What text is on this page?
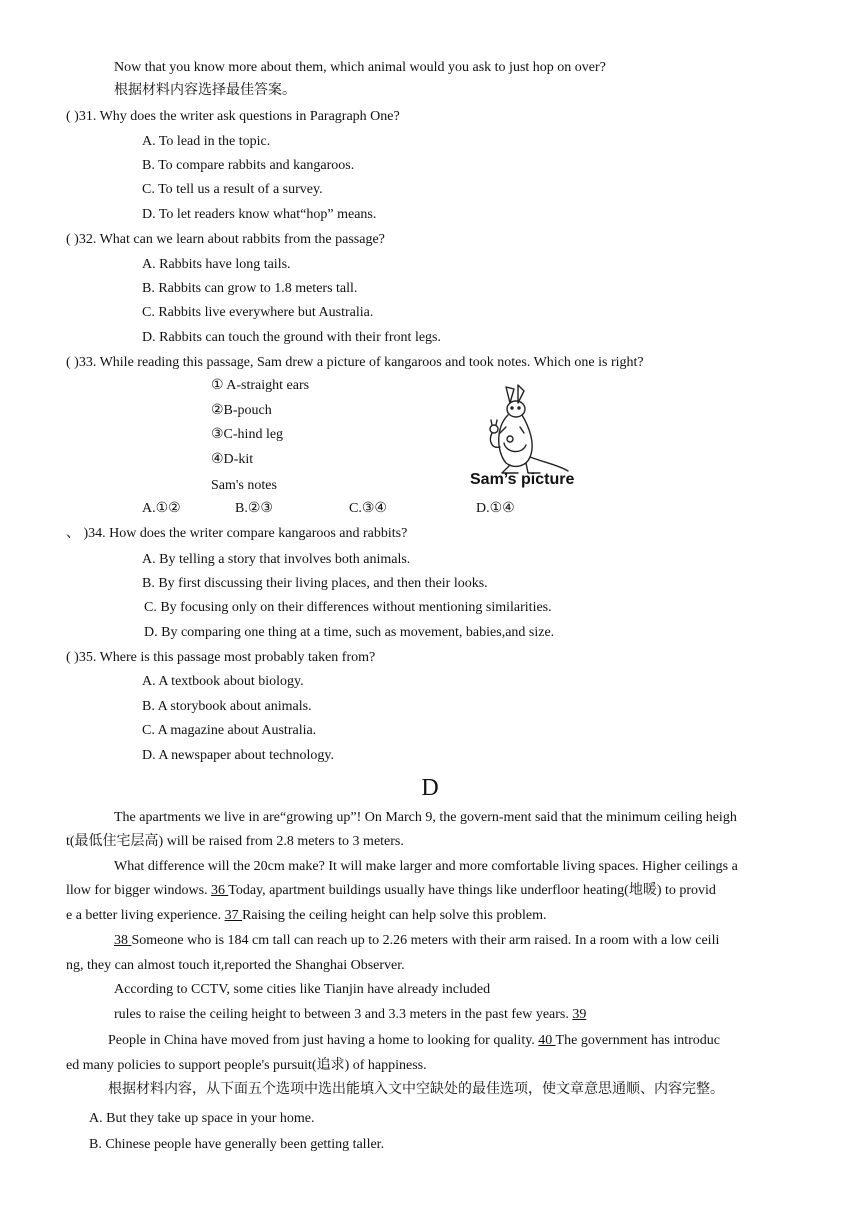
Now that you know more about them, which animal would you ask to just hop on over?
根据材料内容选择最佳答案。
( )31. Why does the writer ask questions in Paragraph One?
A. To lead in the topic.
B. To compare rabbits and kangaroos.
C. To tell us a result of a survey.
D. To let readers know what“hop” means.
( )32. What can we learn about rabbits from the passage?
A. Rabbits have long tails.
B. Rabbits can grow to 1.8 meters tall.
C. Rabbits live everywhere but Australia.
D. Rabbits can touch the ground with their front legs.
( )33. While reading this passage, Sam drew a picture of kangaroos and took notes. Which one is right?
① A-straight ears
②B-pouch
③C-hind leg
④D-kit
Sam's notes	Sam’s picture
A.①②	B.②③	C.③④	D.①④
、 )34. How does the writer compare kangaroos and rabbits?
A. By telling a story that involves both animals.
B. By first discussing their living places, and then their looks.
C. By focusing only on their differences without mentioning similarities.
D. By comparing one thing at a time, such as movement, babies,and size.
( )35. Where is this passage most probably taken from?
A. A textbook about biology.
B. A storybook about animals.
C. A magazine about Australia.
D. A newspaper about technology.
D
The apartments we live in are“growing up”! On March 9, the govern-ment said that the minimum ceiling heigh
t(最低住宅层高) will be raised from 2.8 meters to 3 meters.
What difference will the 20cm make? It will make larger and more comfortable living spaces. Higher ceilings a
llow for bigger windows. 36 Today, apartment buildings usually have things like underfloor heating(地暖) to provid
e a better living experience. 37 Raising the ceiling height can help solve this problem.
38 Someone who is 184 cm tall can reach up to 2.26 meters with their arm raised. In a room with a low ceili
ng, they can almost touch it,reported the Shanghai Observer.
According to CCTV, some cities like Tianjin have already included
rules to raise the ceiling height to between 3 and 3.3 meters in the past few years. 39
People in China have moved from just having a home to looking for quality. 40 The government has introduc
ed many policies to support people's pursuit(追求) of happiness.
根据材料内容，从下面五个选项中选出能填入文中空缺处的最佳选项，使文章意思通顺、内容完整。
A. But they take up space in your home.
B. Chinese people have generally been getting taller.
